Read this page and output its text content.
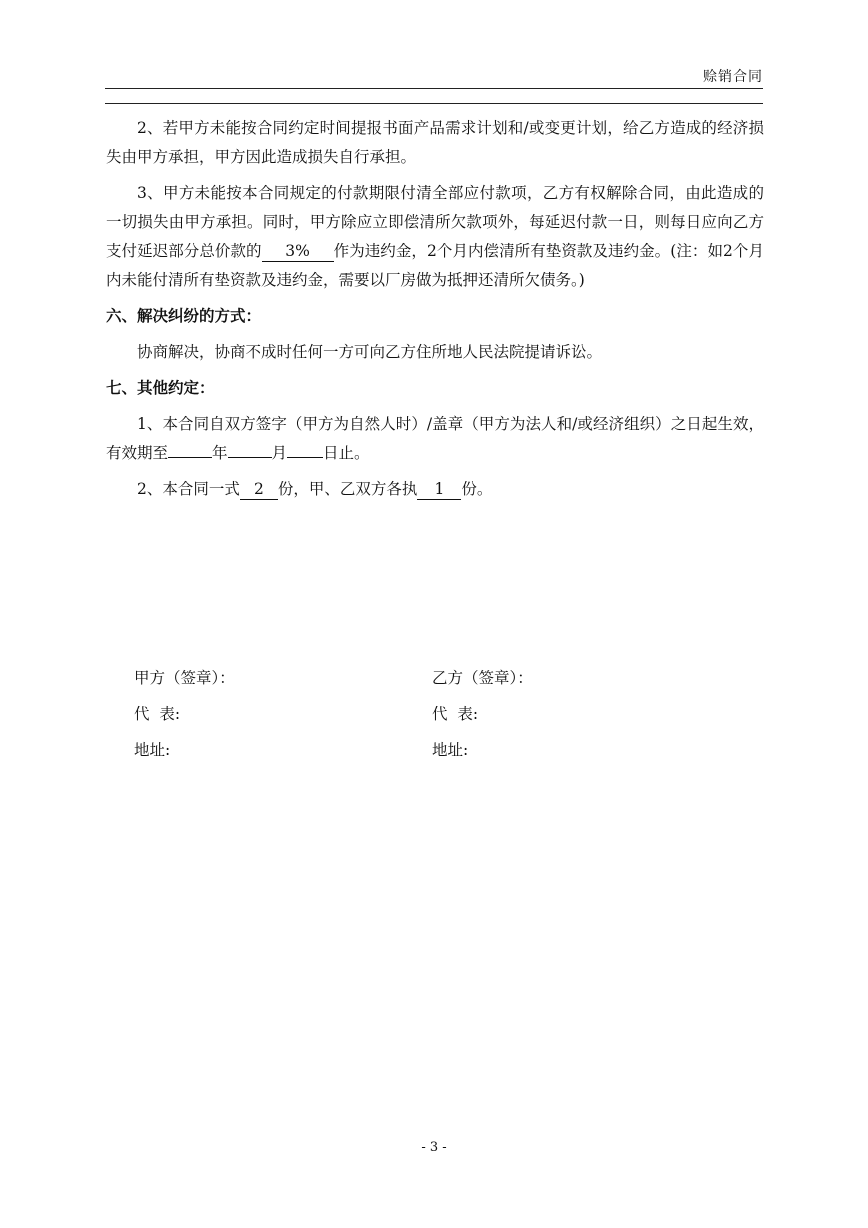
赊销合同

2、若甲方未能按合同约定时间提报书面产品需求计划和/或变更计划，给乙方造成的经济损失由甲方承担，甲方因此造成损失自行承担。

3、甲方未能按本合同规定的付款期限付清全部应付款项，乙方有权解除合同，由此造成的一切损失由甲方承担。同时，甲方除应立即偿清所欠款项外，每延迟付款一日，则每日应向乙方支付延迟部分总价款的 3% 作为违约金，2个月内偿清所有垫资款及违约金。(注：如2个月内未能付清所有垫资款及违约金，需要以厂房做为抵押还清所欠债务。)

六、解决纠纷的方式：

协商解决，协商不成时任何一方可向乙方住所地人民法院提请诉讼。

七、其他约定：

1、本合同自双方签字（甲方为自然人时）/盖章（甲方为法人和/或经济组织）之日起生效，有效期至	年	月 日止。

2、本合同一式 2 份，甲、乙双方各执 1 份。

甲方（签章）：
代  表:
地址:
乙方（签章）：
代  表:
地址:
- 3 -
